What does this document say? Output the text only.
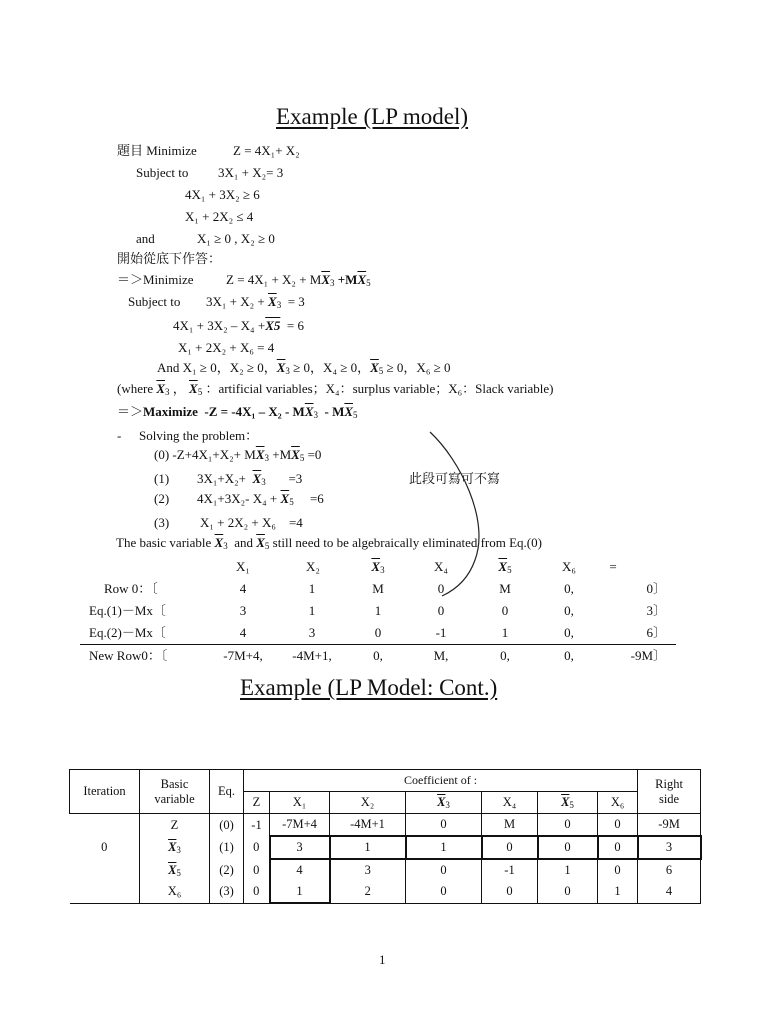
Example (LP model)
題目 Minimize	Z = 4X₁+ X₂
Subject to 3X₁ + X₂= 3
4X₁ + 3X₂ ≥ 6
X₁ + 2X₂ ≤ 4
and	X₁ ≥ 0 , X₂ ≥ 0
開始從底下作答：
＝＞Minimize $Z = 4X_1 + X_2 + M\overline{X}_3 +M\overline{X}_5$
Subject to $3X_1 + X_2 + \overline{X}_3 = 3$
4X₁ + 3X₂ – X₄ +X5 = 6
X₁ + 2X₂ + X₆ = 4
And X₁ ≥ 0，X₂ ≥ 0，$\overline{X}_3 \ge 0$，X₄ ≥ 0，$\overline{X}_5 \ge 0$，X₆ ≥ 0
(where $\overline{X}_3$ ， $\overline{X}_5$ ：artificial variables；X₄：surplus variable；X₆：Slack variable)
＝＞Maximize $-Z = -4X_1 - X_2 - M\overline{X}_3 - M\overline{X}_5$
- Solving the problem：
(0) $-Z+4X_1+X_2+ M\overline{X}_3 +M\overline{X}_5 =0$
(1) $3X_1+X_2+ \overline{X}_3 =3$	此段可寫可不寫
(2) 4X₁+3X₂- $X_4 + \overline{X}_5 =6$
(3) X₁ + 2X₂ + X₆ =4
The basic variable $\overline{X}_3$ and $\overline{X}_5$ still need to be algebraically eliminated from Eq.(0)
X₁	X₂	$\overline{X}_3$	X₄	$\overline{X}_5$	X₆	=
Row 0：〔	4	1	M	0	M	0,	0〕
Eq.(1)－Mx〔	3	1	1	0	0	0,	3〕
Eq.(2)－Mx〔	4	3	0	-1	1	0,	6〕
New Row0：〔	-7M+4,	-4M+1,	0,	M,	0,	0,	-9M〕
Example (LP Model: Cont.)
Iteration	Basic	Eq.	Coefficient of :							Right
	variable		Z	X₁	X₂	$\overline{X}_3$	X₄	$\overline{X}_5$	X₆	side
	Z	(0)	-1	-7M+4	-4M+1	0	M	0	0	-9M
0	$\overline{X}_3$	(1)	0	3	1	1	0	0	0	3
	$\overline{X}_5$	(2)	0	4	3	0	-1	1	0	6
	X₆	(3)	0	1	2	0	0	0	1	4
1
